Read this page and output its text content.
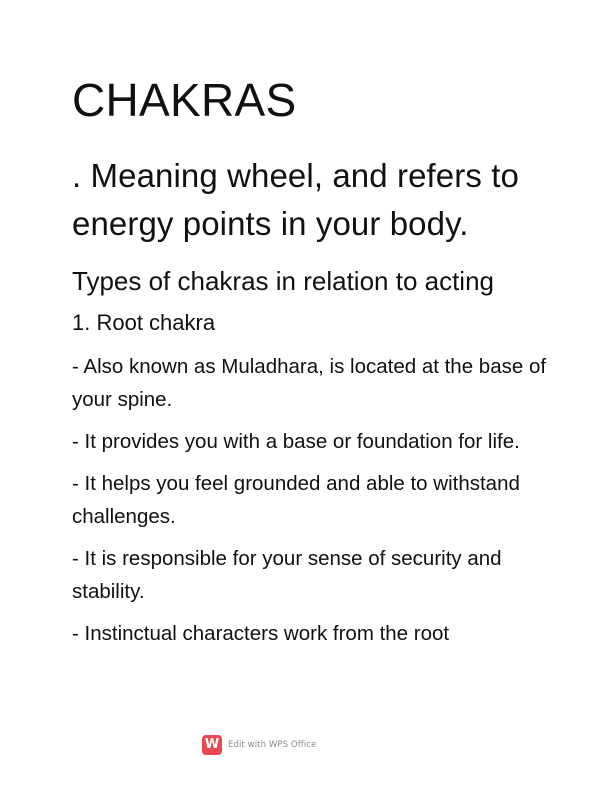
CHAKRAS

. Meaning wheel, and refers to energy points in your body.

Types of chakras in relation to acting

1. Root chakra

- Also known as Muladhara, is located at the base of your spine.

- It provides you with a base or foundation for life.

- It helps you feel grounded and able to withstand challenges.

- It is responsible for your sense of security and stability.

- Instinctual characters work from the root

W	Edit with WPS Office
